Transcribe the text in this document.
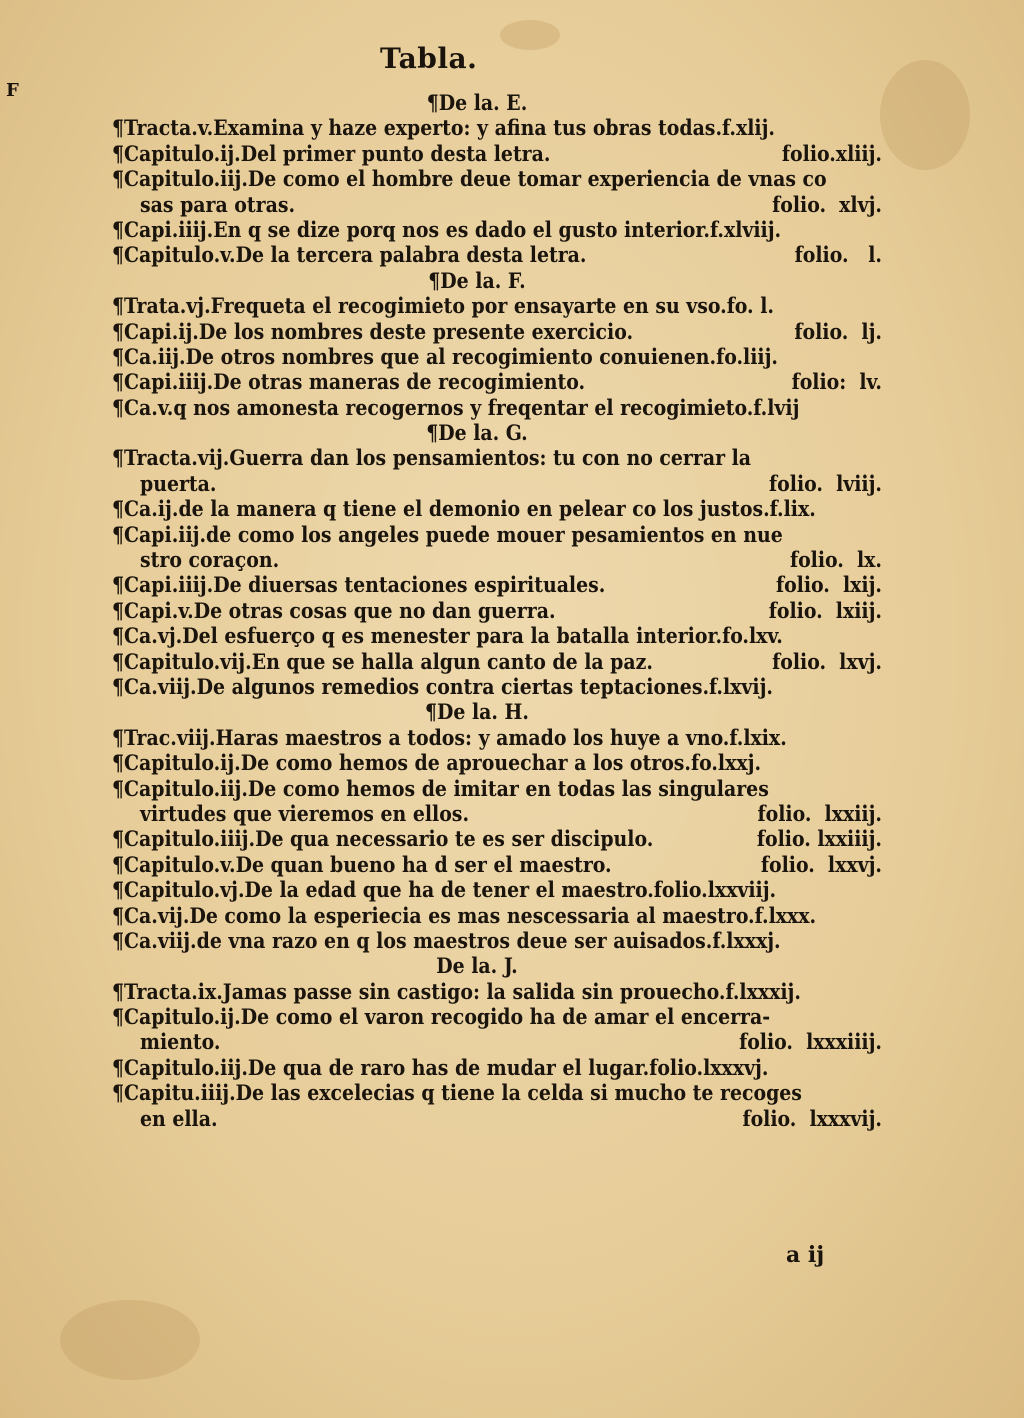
F
Tabla.
¶De la. E.
¶Tracta.v.Examina y haze experto: y afina tus obras todas.f.xlij.
¶Capitulo.ij.Del primer punto desta letra.	folio.xliij.
¶Capitulo.iij.De como el hombre deue tomar experiencia de vnas co
sas para otras.	folio.  xlvj.
¶Capi.iiij.En q se dize porq nos es dado el gusto interior.f.xlviij.
¶Capitulo.v.De la tercera palabra desta letra.	folio.   l.
¶De la. F.
¶Trata.vj.Frequeta el recogimieto por ensayarte en su vso.fo. l.
¶Capi.ij.De los nombres deste presente exercicio.	folio.  lj.
¶Ca.iij.De otros nombres que al recogimiento conuienen.fo.liij.
¶Capi.iiij.De otras maneras de recogimiento.	folio:  lv.
¶Ca.v.q nos amonesta recogernos y freqentar el recogimieto.f.lvij
¶De la. G.
¶Tracta.vij.Guerra dan los pensamientos: tu con no cerrar la
puerta.	folio.  lviij.
¶Ca.ij.de la manera q tiene el demonio en pelear co los justos.f.lix.
¶Capi.iij.de como los angeles puede mouer pesamientos en nue
stro coraçon.	folio.  lx.
¶Capi.iiij.De diuersas tentaciones espirituales.	folio.  lxij.
¶Capi.v.De otras cosas que no dan guerra.	folio.  lxiij.
¶Ca.vj.Del esfuerço q es menester para la batalla interior.fo.lxv.
¶Capitulo.vij.En que se halla algun canto de la paz.	folio.  lxvj.
¶Ca.viij.De algunos remedios contra ciertas teptaciones.f.lxvij.
¶De la. H.
¶Trac.viij.Haras maestros a todos: y amado los huye a vno.f.lxix.
¶Capitulo.ij.De como hemos de aprouechar a los otros.fo.lxxj.
¶Capitulo.iij.De como hemos de imitar en todas las singulares
virtudes que vieremos en ellos.	folio.  lxxiij.
¶Capitulo.iiij.De qua necessario te es ser discipulo.	folio. lxxiiij.
¶Capitulo.v.De quan bueno ha d ser el maestro.	folio.  lxxvj.
¶Capitulo.vj.De la edad que ha de tener el maestro.folio.lxxviij.
¶Ca.vij.De como la esperiecia es mas nescessaria al maestro.f.lxxx.
¶Ca.viij.de vna razo en q los maestros deue ser auisados.f.lxxxj.
De la. J.
¶Tracta.ix.Jamas passe sin castigo: la salida sin prouecho.f.lxxxij.
¶Capitulo.ij.De como el varon recogido ha de amar el encerra-
miento.	folio.  lxxxiiij.
¶Capitulo.iij.De qua de raro has de mudar el lugar.folio.lxxxvj.
¶Capitu.iiij.De las excelecias q tiene la celda si mucho te recoges
en ella.	folio.  lxxxvij.
a ij
